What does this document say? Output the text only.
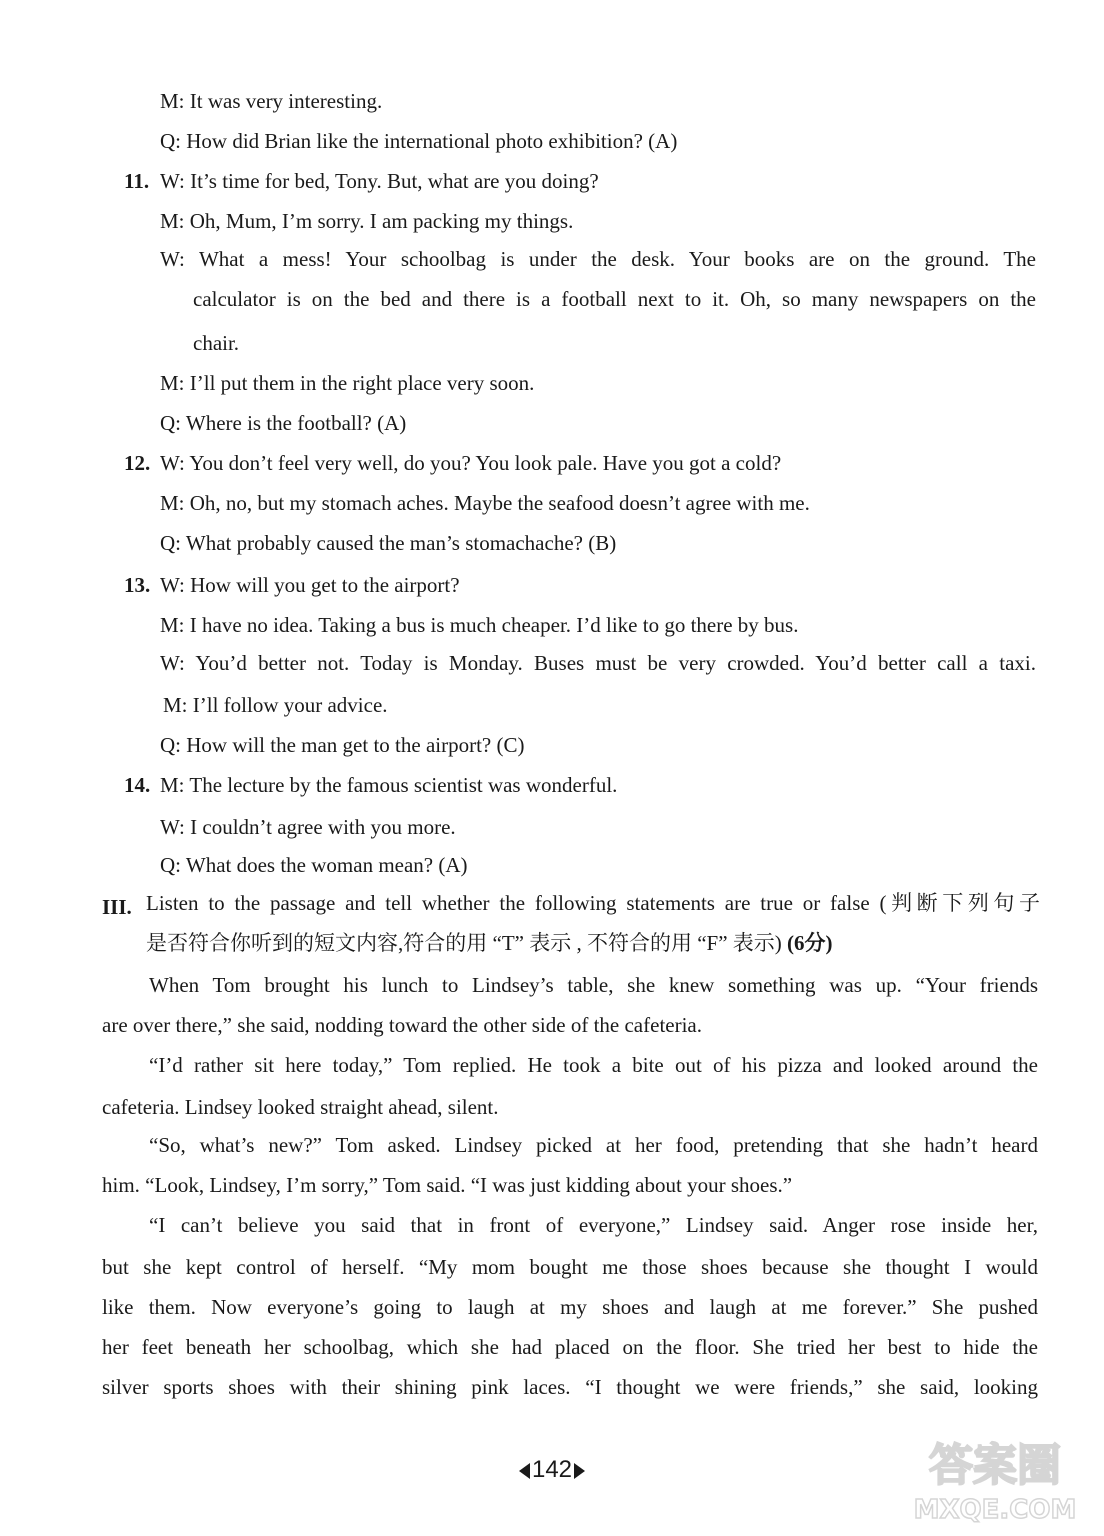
M: It was very interesting.
Q: How did Brian like the international photo exhibition? (A)
11. W: It’s time for bed, Tony. But, what are you doing?
M: Oh, Mum, I’m sorry. I am packing my things.
W: What a mess! Your schoolbag is under the desk. Your books are on the ground. The
calculator is on the bed and there is a football next to it. Oh, so many newspapers on the
chair.
M: I’ll put them in the right place very soon.
Q: Where is the football? (A)
12. W: You don’t feel very well, do you? You look pale. Have you got a cold?
M: Oh, no, but my stomach aches. Maybe the seafood doesn’t agree with me.
Q: What probably caused the man’s stomachache? (B)
13. W: How will you get to the airport?
M: I have no idea. Taking a bus is much cheaper. I’d like to go there by bus.
W: You’d better not. Today is Monday. Buses must be very crowded. You’d better call a taxi.
M: I’ll follow your advice.
Q: How will the man get to the airport? (C)
14. M: The lecture by the famous scientist was wonderful.
W: I couldn’t agree with you more.
Q: What does the woman mean? (A)
III. Listen to the passage and tell whether the following statements are true or false (判断下列句子
是否符合你听到的短文内容,符合的用 “T” 表示 , 不符合的用 “F” 表示) (6分)
When Tom brought his lunch to Lindsey’s table, she knew something was up. “Your friends
are over there,” she said, nodding toward the other side of the cafeteria.
“I’d rather sit here today,” Tom replied. He took a bite out of his pizza and looked around the
cafeteria. Lindsey looked straight ahead, silent.
“So, what’s new?” Tom asked. Lindsey picked at her food, pretending that she hadn’t heard
him. “Look, Lindsey, I’m sorry,” Tom said. “I was just kidding about your shoes.”
“I can’t believe you said that in front of everyone,” Lindsey said. Anger rose inside her,
but she kept control of herself. “My mom bought me those shoes because she thought I would
like them. Now everyone’s going to laugh at my shoes and laugh at me forever.” She pushed
her feet beneath her schoolbag, which she had placed on the floor. She tried her best to hide the
silver sports shoes with their shining pink laces. “I thought we were friends,” she said, looking
142	答案圈
MXQE.COM
